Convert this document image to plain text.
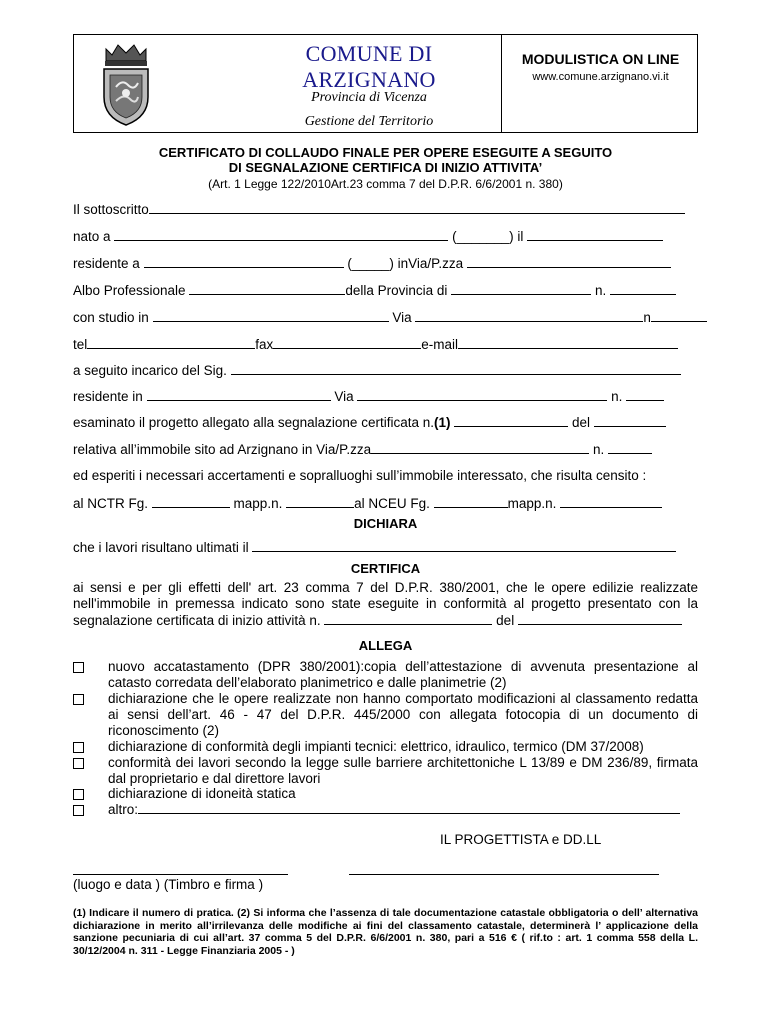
COMUNE DI ARZIGNANO
Provincia di Vicenza
Gestione del Territorio
MODULISTICA ON LINE
www.comune.arzignano.vi.it
CERTIFICATO DI COLLAUDO FINALE PER OPERE ESEGUITE A SEGUITO
DI SEGNALAZIONE CERTIFICA DI INIZIO ATTIVITA’
(Art. 1 Legge 122/2010Art.23 comma 7 del D.P.R. 6/6/2001 n. 380)
Il sottoscritto
nato a	(_______) il
residente a	(_____) inVia/P.zza
Albo Professionale	della Provincia di	n.
con studio in	Via	n
tel	fax	e-mail
a seguito incarico del Sig.
residente in	Via	n.
esaminato il progetto allegato alla segnalazione certificata n.(1)	del
relativa all’immobile sito ad Arzignano in Via/P.zza	n.
ed esperiti i necessari accertamenti e sopralluoghi sull’immobile interessato, che risulta censito :
al NCTR Fg.	mapp.n.	al NCEU Fg.	mapp.n.
DICHIARA
che i lavori risultano ultimati il
CERTIFICA
ai sensi e per gli effetti dell' art. 23 comma 7 del D.P.R. 380/2001, che le opere edilizie realizzate nell'immobile in premessa indicato sono state eseguite in conformità al progetto presentato con la segnalazione certificata di inizio attività n.	del
ALLEGA
nuovo accatastamento (DPR 380/2001):copia dell’attestazione di avvenuta presentazione al catasto corredata dell’elaborato planimetrico e dalle planimetrie (2)
dichiarazione che le opere realizzate non hanno comportato modificazioni al classamento redatta ai sensi dell’art. 46 - 47 del D.P.R. 445/2000 con allegata fotocopia di un documento di riconoscimento (2)
dichiarazione di conformità degli impianti tecnici: elettrico, idraulico, termico (DM 37/2008)
conformità dei lavori secondo la legge sulle barriere architettoniche L 13/89 e DM 236/89, firmata dal proprietario e dal direttore lavori
dichiarazione di idoneità statica
altro:
IL PROGETTISTA e DD.LL
(luogo e data ) (Timbro e firma )
(1) Indicare il numero di pratica. (2) Si informa che l’assenza di tale documentazione catastale obbligatoria o dell’ alternativa dichiarazione in merito all’irrilevanza delle modifiche ai fini del classamento catastale, determinerà l’ applicazione della sanzione pecuniaria di cui all’art. 37 comma 5 del D.P.R. 6/6/2001 n. 380, pari a 516 € ( rif.to : art. 1 comma 558 della L. 30/12/2004 n. 311 - Legge Finanziaria 2005 - )
